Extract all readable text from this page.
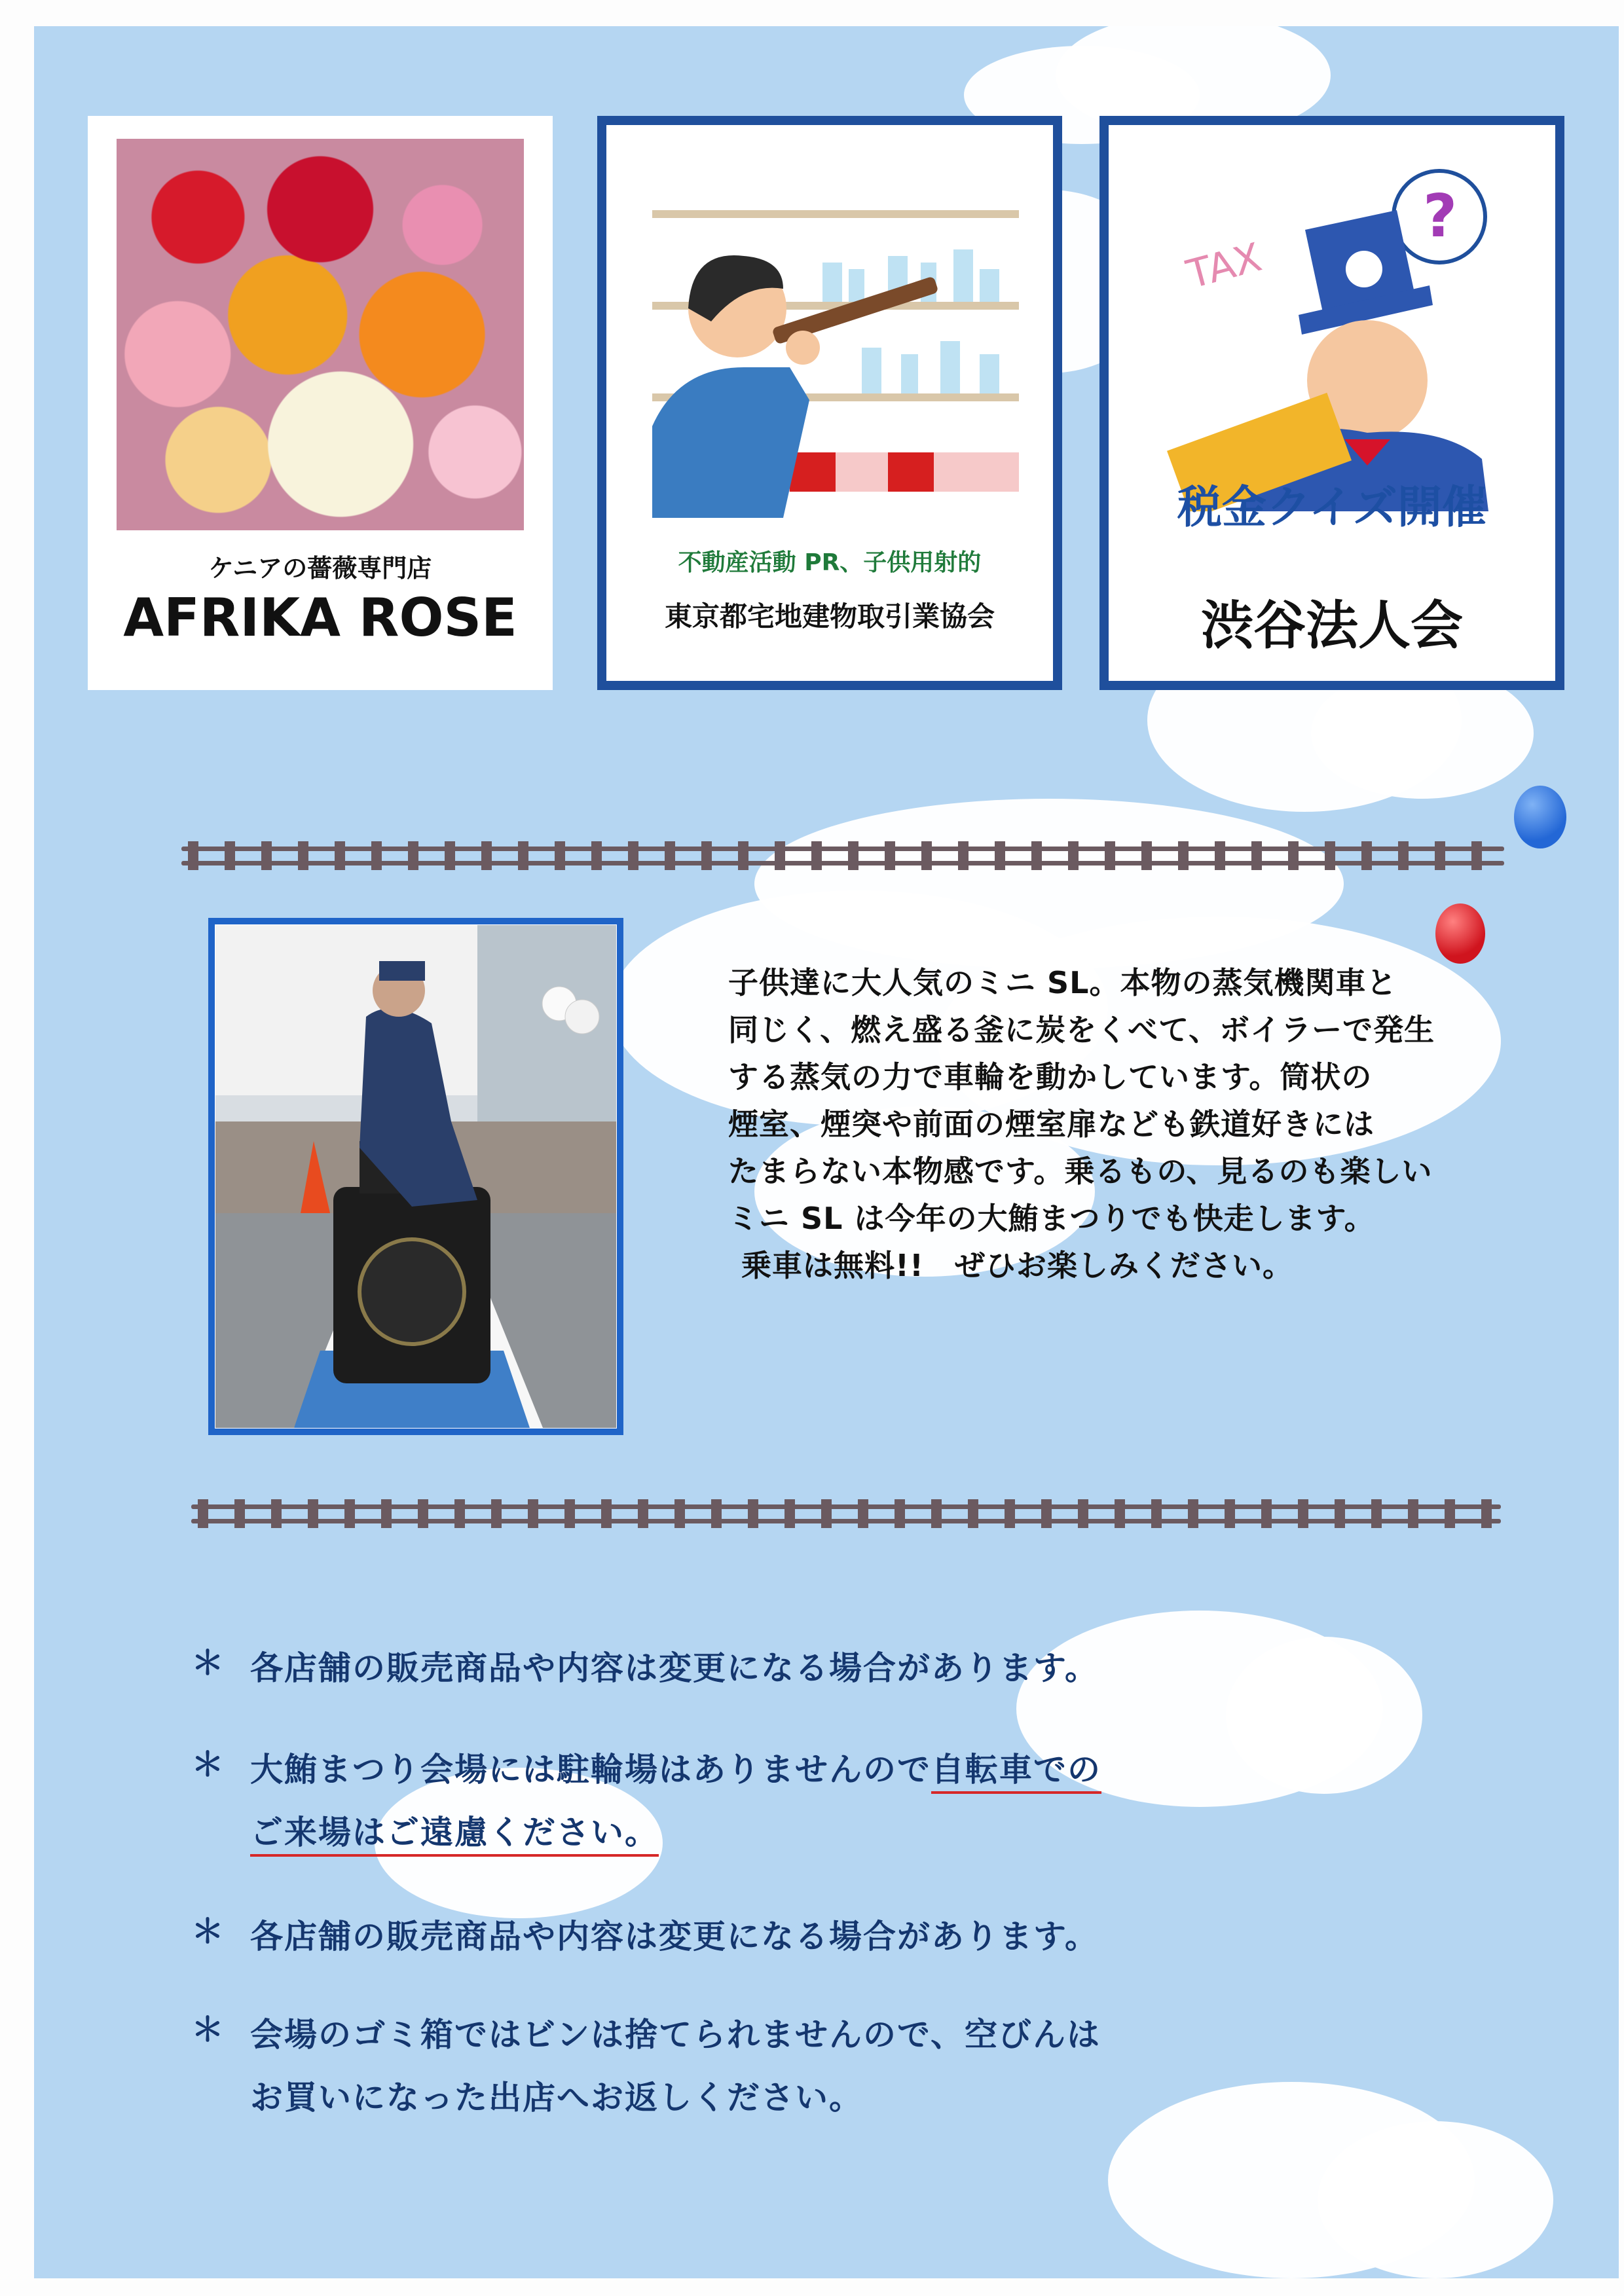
ケニアの薔薇専門店
AFRIKA ROSE
不動産活動 PR、子供用射的
東京都宅地建物取引業協会
?
TAX
税金クイズ開催
渋谷法人会

子供達に大人気のミニ SL。本物の蒸気機関車と

同じく、燃え盛る釜に炭をくべて、ボイラーで発生

する蒸気の力で車輪を動かしています。筒状の

煙室、煙突や前面の煙室扉なども鉄道好きには

たまらない本物感です。乗るもの、見るのも楽しい

ミニ SL は今年の大鮪まつりでも快走します。

乗車は無料!!　ぜひお楽しみください。

＊ 各店舗の販売商品や内容は変更になる場合があります。

＊ 大鮪まつり会場には駐輪場はありませんので自転車での

ご来場はご遠慮ください。

＊ 各店舗の販売商品や内容は変更になる場合があります。

＊ 会場のゴミ箱ではビンは捨てられませんので、空びんは

お買いになった出店へお返しください。
